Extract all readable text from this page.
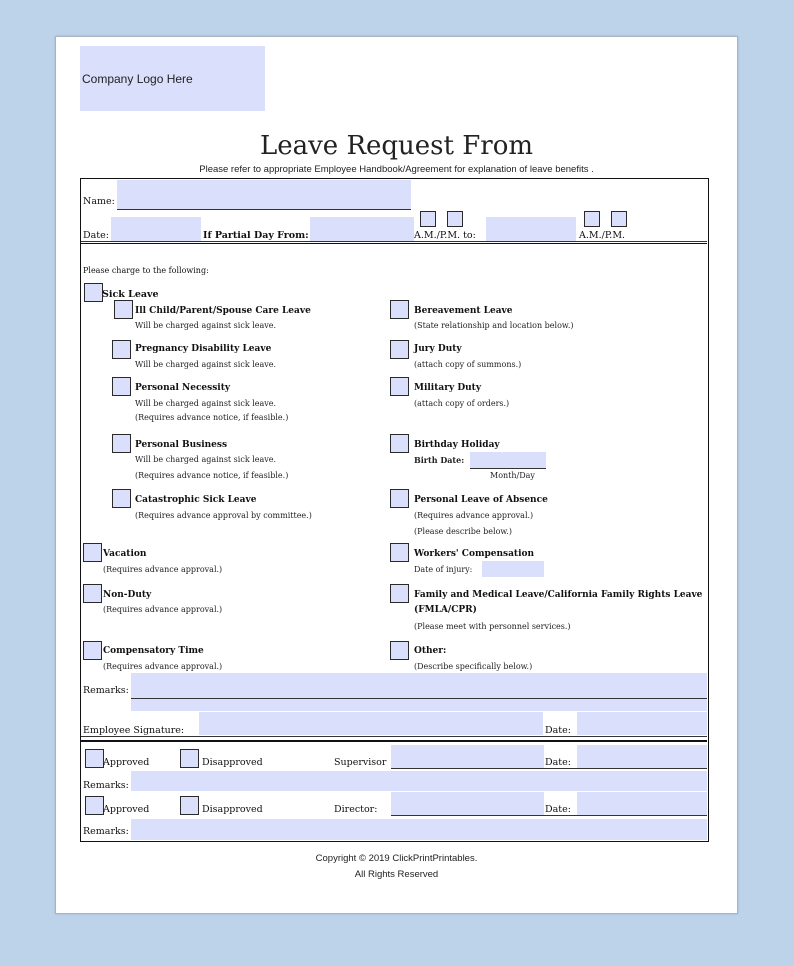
Company Logo Here
Leave Request From
Please refer to appropriate Employee Handbook/Agreement for explanation of leave benefits .
Name:
Date:	If Partial Day From:	A.M./P.M. to:	A.M./P.M.
Please charge to the following:
Sick Leave
Ill Child/Parent/Spouse Care Leave
Will be charged against sick leave.
Pregnancy Disability Leave
Will be charged against sick leave.
Personal Necessity
Will be charged against sick leave.
(Requires advance notice, if feasible.)
Personal Business
Will be charged against sick leave.
(Requires advance notice, if feasible.)
Catastrophic Sick Leave
(Requires advance approval by committee.)
Vacation
(Requires advance approval.)
Non-Duty
(Requires advance approval.)
Compensatory Time
(Requires advance approval.)
Bereavement Leave
(State relationship and location below.)
Jury Duty
(attach copy of summons.)
Military Duty
(attach copy of orders.)
Birthday Holiday
Birth Date:
Month/Day
Personal Leave of Absence
(Requires advance approval.)
(Please describe below.)
Workers' Compensation
Date of injury:
Family and Medical Leave/California Family Rights Leave
(FMLA/CPR)
(Please meet with personnel services.)
Other:
(Describe specifically below.)
Remarks:
Employee Signature:	Date:
Approved	Disapproved	Supervisor	Date:
Remarks:
Approved	Disapproved	Director:	Date:
Remarks:
Copyright © 2019 ClickPrintPrintables.
All Rights Reserved
